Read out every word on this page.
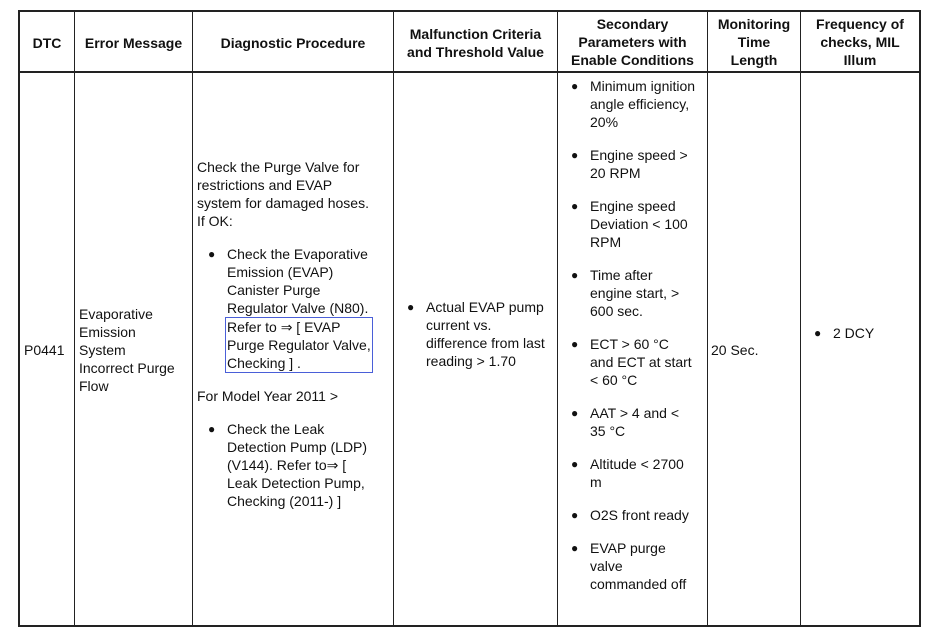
DTC	Error Message	Diagnostic Procedure
Malfunction Criteria
and Threshold Value
Secondary
Parameters with
Enable Conditions
Monitoring
Time
Length
Frequency of
checks, MIL
Illum
P0441
Evaporative
Emission
System
Incorrect Purge
Flow
Check the Purge Valve for
restrictions and EVAP
system for damaged hoses.
If OK:
● Check the Evaporative
Emission (EVAP)
Canister Purge
Regulator Valve (N80).
Refer to ⇒ [ EVAP
Purge Regulator Valve,
Checking ] .
For Model Year 2011 >
● Check the Leak
Detection Pump (LDP)
(V144). Refer to⇒ [
Leak Detection Pump,
Checking (2011-) ]
● Actual EVAP pump
current vs.
difference from last
reading > 1.70
● Minimum ignition
angle efficiency,
20%
● Engine speed >
20 RPM
● Engine speed
Deviation < 100
RPM
● Time after
engine start, >
600 sec.
● ECT > 60 °C
and ECT at start
< 60 °C
● AAT > 4 and <
35 °C
● Altitude < 2700
m
● O2S front ready
● EVAP purge
valve
commanded off
20 Sec.
● 2 DCY
